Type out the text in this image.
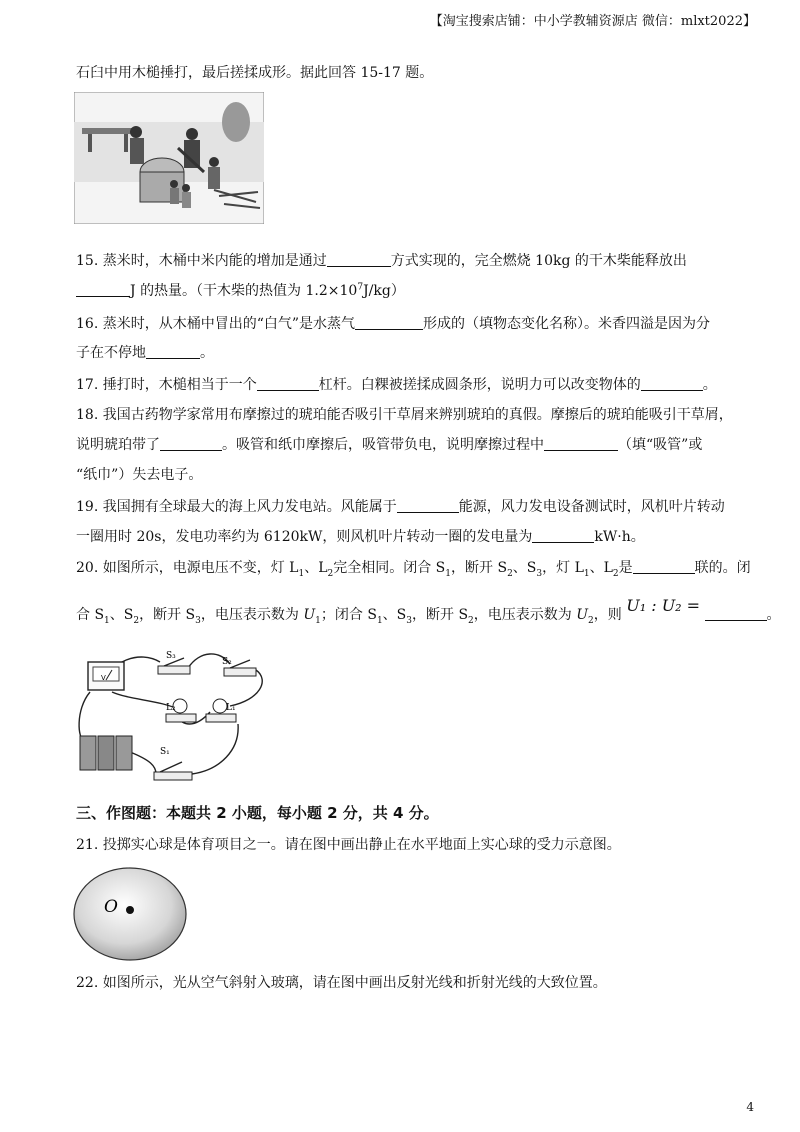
【淘宝搜索店铺：中小学教辅资源店 微信：mlxt2022】
石臼中用木槌捶打，最后搓揉成形。据此回答 15-17 题。
15. 蒸米时，木桶中米内能的增加是通过	方式实现的，完全燃烧 10kg 的干木柴能释放出
J 的热量。（干木柴的热值为 $1.2\times 10^7J/kg$）
16. 蒸米时，从木桶中冒出的“白气”是水蒸气	形成的（填物态变化名称）。米香四溢是因为分
子在不停地	。
17. 捶打时，木槌相当于一个	杠杆。白粿被搓揉成圆条形，说明力可以改变物体的	。
18. 我国古药物学家常用布摩擦过的琥珀能否吸引干草屑来辨别琥珀的真假。摩擦后的琥珀能吸引干草屑，
说明琥珀带了	。吸管和纸巾摩擦后，吸管带负电，说明摩擦过程中	（填“吸管”或
“纸巾”）失去电子。
19. 我国拥有全球最大的海上风力发电站。风能属于	能源，风力发电设备测试时，风机叶片转动
一圈用时 20s，发电功率约为 6120kW，则风机叶片转动一圈的发电量为	kW·h。
20. 如图所示，电源电压不变，灯 $L_1$、$L_2$完全相同。闭合 $S_1$，断开 $S_2$、$S_3$，灯 $L_1$、$L_2$是	联的。闭
合 $S_1$、$S_2$，断开 $S_3$，电压表示数为 $U_1$；闭合 $S_1$、$S_3$，断开 $S_2$，电压表示数为 $U_2$，则 U₁ : U₂ =	。
V
S₃
S₂
S₁
L₂	L₁
三、作图题：本题共 2 小题，每小题 2 分，共 4 分。
21. 投掷实心球是体育项目之一。请在图中画出静止在水平地面上实心球的受力示意图。
O
22. 如图所示，光从空气斜射入玻璃，请在图中画出反射光线和折射光线的大致位置。
4
